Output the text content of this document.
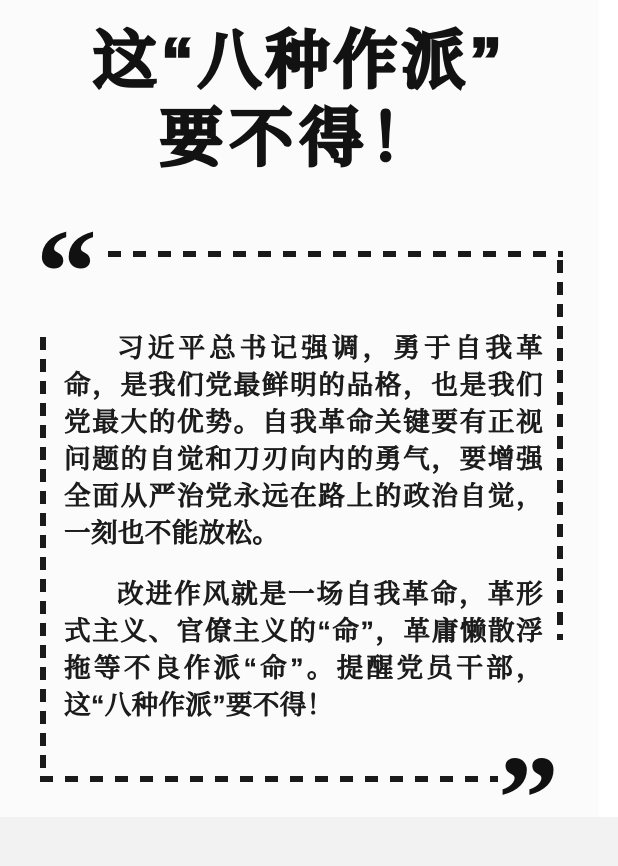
这“八种作派”
要不得！
“
”

习近平总书记强调，勇于自我革命，是我们党最鲜明的品格，也是我们党最大的优势。自我革命关键要有正视问题的自觉和刀刃向内的勇气，要增强全面从严治党永远在路上的政治自觉，一刻也不能放松。

改进作风就是一场自我革命，革形式主义、官僚主义的“命”，革庸懒散浮拖等不良作派“命”。提醒党员干部，这“八种作派”要不得！
